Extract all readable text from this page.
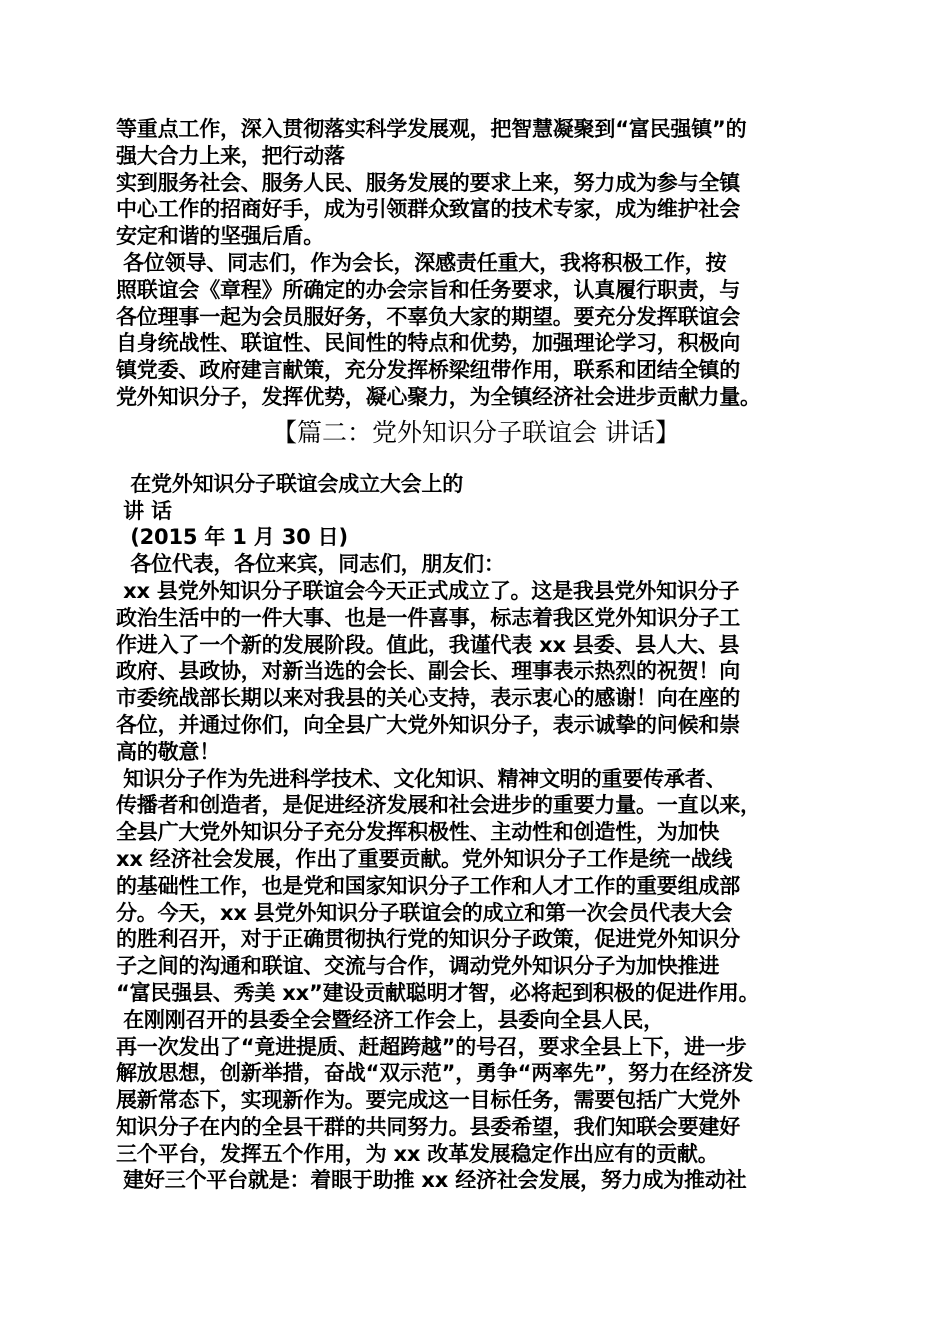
等重点工作，深入贯彻落实科学发展观，把智慧凝聚到“富民强镇”的
强大合力上来，把行动落
实到服务社会、服务人民、服务发展的要求上来，努力成为参与全镇
中心工作的招商好手，成为引领群众致富的技术专家，成为维护社会
安定和谐的坚强后盾。
各位领导、同志们，作为会长，深感责任重大，我将积极工作，按
照联谊会《章程》所确定的办会宗旨和任务要求，认真履行职责，与
各位理事一起为会员服好务，不辜负大家的期望。要充分发挥联谊会
自身统战性、联谊性、民间性的特点和优势，加强理论学习，积极向
镇党委、政府建言献策，充分发挥桥梁纽带作用，联系和团结全镇的
党外知识分子，发挥优势，凝心聚力，为全镇经济社会进步贡献力量。
【篇二：党外知识分子联谊会 讲话】
在党外知识分子联谊会成立大会上的
讲 话
(2015 年 1 月 30 日)
各位代表，各位来宾，同志们，朋友们：
xx 县党外知识分子联谊会今天正式成立了。这是我县党外知识分子
政治生活中的一件大事、也是一件喜事，标志着我区党外知识分子工
作进入了一个新的发展阶段。值此，我谨代表 xx 县委、县人大、县
政府、县政协，对新当选的会长、副会长、理事表示热烈的祝贺！向
市委统战部长期以来对我县的关心支持，表示衷心的感谢！向在座的
各位，并通过你们，向全县广大党外知识分子，表示诚挚的问候和崇
高的敬意！
知识分子作为先进科学技术、文化知识、精神文明的重要传承者、
传播者和创造者，是促进经济发展和社会进步的重要力量。一直以来，
全县广大党外知识分子充分发挥积极性、主动性和创造性，为加快
xx 经济社会发展，作出了重要贡献。党外知识分子工作是统一战线
的基础性工作，也是党和国家知识分子工作和人才工作的重要组成部
分。今天，xx 县党外知识分子联谊会的成立和第一次会员代表大会
的胜利召开，对于正确贯彻执行党的知识分子政策，促进党外知识分
子之间的沟通和联谊、交流与合作，调动党外知识分子为加快推进
“富民强县、秀美 xx”建设贡献聪明才智，必将起到积极的促进作用。
在刚刚召开的县委全会暨经济工作会上，县委向全县人民，
再一次发出了“竟进提质、赶超跨越”的号召，要求全县上下，进一步
解放思想，创新举措，奋战“双示范”，勇争“两率先”，努力在经济发
展新常态下，实现新作为。要完成这一目标任务，需要包括广大党外
知识分子在内的全县干群的共同努力。县委希望，我们知联会要建好
三个平台，发挥五个作用，为 xx 改革发展稳定作出应有的贡献。
建好三个平台就是：着眼于助推 xx 经济社会发展，努力成为推动社
